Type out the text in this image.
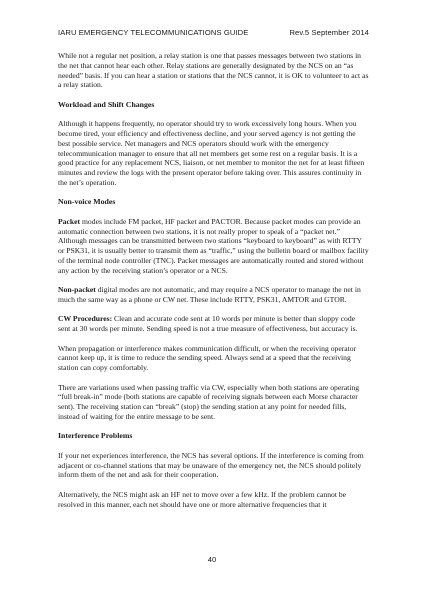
IARU EMERGENCY TELECOMMUNICATIONS GUIDE	Rev.5 September 2014

While not a regular net position, a relay station is one that passes messages between two stations in the net that cannot hear each other. Relay stations are generally designated by the NCS on an “as needed” basis. If you can hear a station or stations that the NCS cannot, it is OK to volunteer to act as a relay station.

Workload and Shift Changes

Although it happens frequently, no operator should try to work excessively long hours. When you become tired, your efficiency and effectiveness decline, and your served agency is not getting the best possible service. Net managers and NCS operators should work with the emergency telecommunication manager to ensure that all net members get some rest on a regular basis. It is a good practice for any replacement NCS, liaison, or net member to monitor the net for at least fifteen minutes and review the logs with the present operator before taking over. This assures continuity in the net’s operation.

Non-voice Modes

Packet modes include FM packet, HF packet and PACTOR. Because packet modes can provide an automatic connection between two stations, it is not really proper to speak of a “packet net.” Although messages can be transmitted between two stations “keyboard to keyboard” as with RTTY or PSK31, it is usually better to transmit them as “traffic,” using the bulletin board or mailbox facility of the terminal node controller (TNC). Packet messages are automatically routed and stored without any action by the receiving station’s operator or a NCS.

Non-packet digital modes are not automatic, and may require a NCS operator to manage the net in much the same way as a phone or CW net. These include RTTY, PSK31, AMTOR and GTOR.

CW Procedures: Clean and accurate code sent at 10 words per minute is better than sloppy code sent at 30 words per minute. Sending speed is not a true measure of effectiveness, but accuracy is.

When propagation or interference makes communication difficult, or when the receiving operator cannot keep up, it is time to reduce the sending speed. Always send at a speed that the receiving station can copy comfortably.

There are variations used when passing traffic via CW, especially when both stations are operating “full break-in” mode (both stations are capable of receiving signals between each Morse character sent). The receiving station can “break” (stop) the sending station at any point for needed fills, instead of waiting for the entire message to be sent.

Interference Problems

If your net experiences interference, the NCS has several options. If the interference is coming from adjacent or co-channel stations that may be unaware of the emergency net, the NCS should politely inform them of the net and ask for their cooperation.

Alternatively, the NCS might ask an HF net to move over a few kHz. If the problem cannot be resolved in this manner, each net should have one or more alternative frequencies that it

40
